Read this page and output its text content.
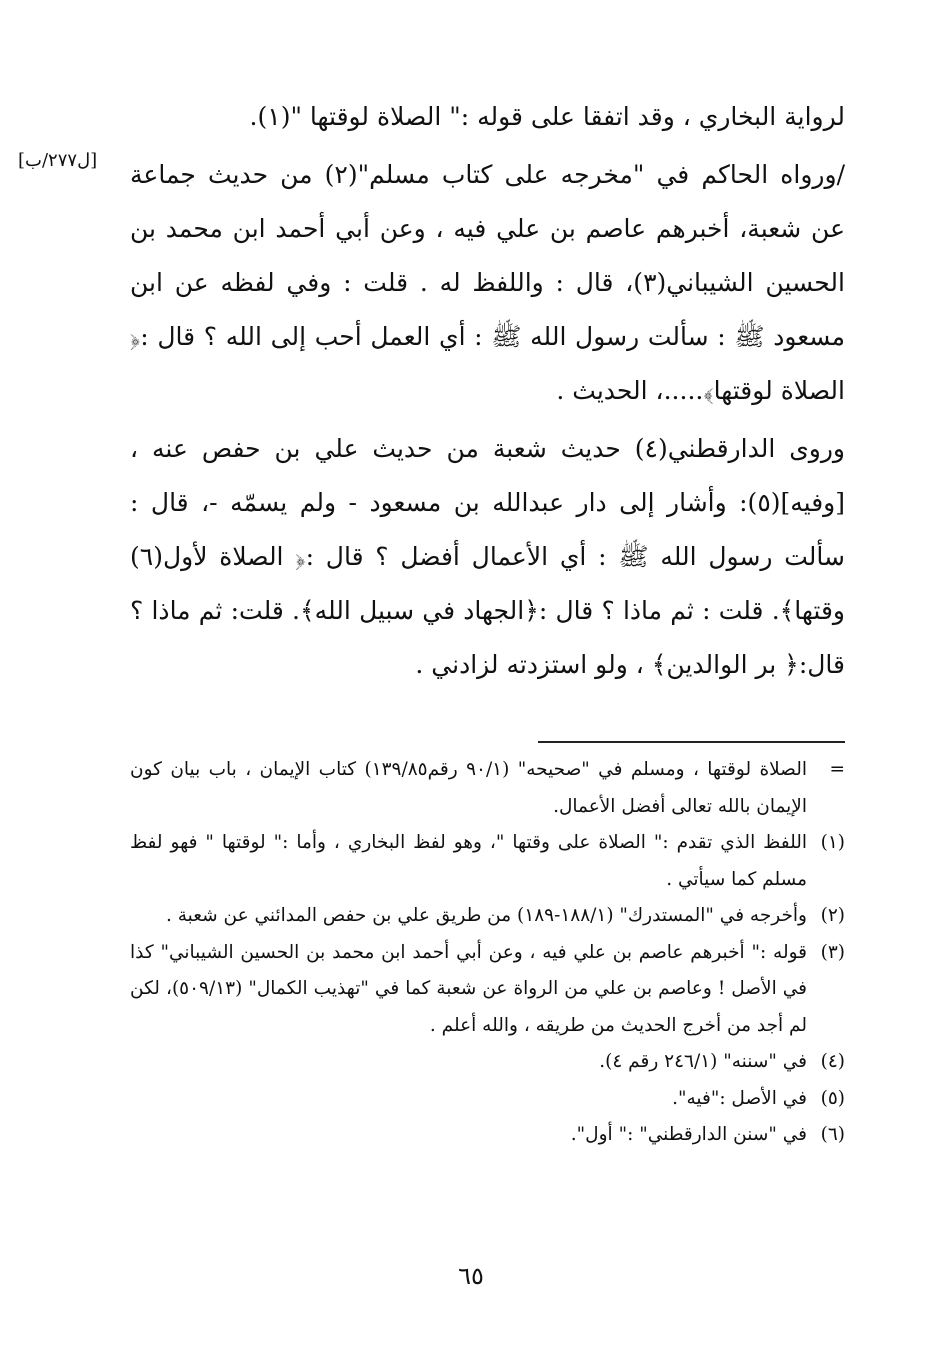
[ل۲۷۷/ب]

لرواية البخاري ، وقد اتفقا على قوله :" الصلاة لوقتها "(١).

/ورواه الحاكم في "مخرجه على كتاب مسلم"(٢) من حديث جماعة عن شعبة، أخبرهم عاصم بن علي فيه ، وعن أبي أحمد ابن محمد بن الحسين الشيباني(٣)، قال : واللفظ له . قلت : وفي لفظه عن ابن مسعود ﷺ : سألت رسول الله ﷺ : أي العمل أحب إلى الله ؟ قال :﴿ الصلاة لوقتها﴾.....، الحديث .

وروى الدارقطني(٤) حديث شعبة من حديث علي بن حفص عنه ، [وفيه](٥): وأشار إلى دار عبدالله بن مسعود - ولم يسمّه -، قال : سألت رسول الله ﷺ : أي الأعمال أفضل ؟ قال :﴿ الصلاة لأول(٦) وقتها﴾. قلت : ثم ماذا ؟ قال :﴿الجهاد في سبيل الله﴾. قلت: ثم ماذا ؟ قال:﴿ بر الوالدين﴾ ، ولو استزدته لزادني .

=الصلاة لوقتها ، ومسلم في "صحيحه" (٩٠/١ رقم١٣٩/٨٥) كتاب الإيمان ، باب بيان كون الإيمان بالله تعالى أفضل الأعمال.

(١)اللفظ الذي تقدم :" الصلاة على وقتها "، وهو لفظ البخاري ، وأما :" لوقتها " فهو لفظ مسلم كما سيأتي .

(٢)وأخرجه في "المستدرك" (١٨٨/١-١٨٩) من طريق علي بن حفص المدائني عن شعبة .

(٣)قوله :" أخبرهم عاصم بن علي فيه ، وعن أبي أحمد ابن محمد بن الحسين الشيباني" كذا في الأصل ! وعاصم بن علي من الرواة عن شعبة كما في "تهذيب الكمال" (٥٠٩/١٣)، لكن لم أجد من أخرج الحديث من طريقه ، والله أعلم .

(٤)في "سننه" (٢٤٦/١ رقم ٤).

(٥)في الأصل :"فيه".

(٦)في "سنن الدارقطني" :" أول".

٦٥
